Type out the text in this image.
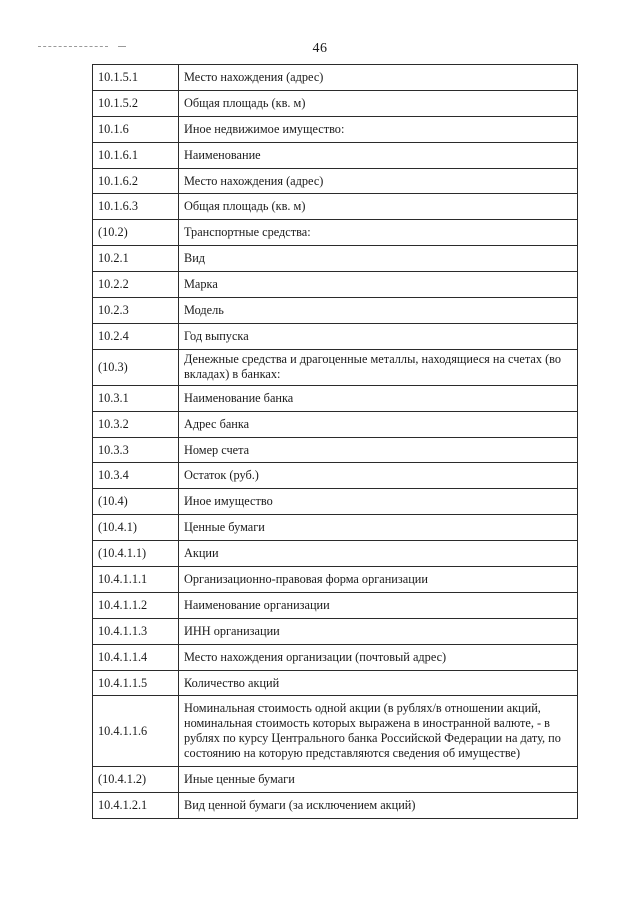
46
10.1.5.1	Место нахождения (адрес)
10.1.5.2	Общая площадь (кв. м)
10.1.6	Иное недвижимое имущество:
10.1.6.1	Наименование
10.1.6.2	Место нахождения (адрес)
10.1.6.3	Общая площадь (кв. м)
(10.2)	Транспортные средства:
10.2.1	Вид
10.2.2	Марка
10.2.3	Модель
10.2.4	Год выпуска
(10.3)	Денежные средства и драгоценные металлы, находящиеся на счетах (во вкладах) в банках:
10.3.1	Наименование банка
10.3.2	Адрес банка
10.3.3	Номер счета
10.3.4	Остаток (руб.)
(10.4)	Иное имущество
(10.4.1)	Ценные бумаги
(10.4.1.1)	Акции
10.4.1.1.1	Организационно-правовая форма организации
10.4.1.1.2	Наименование организации
10.4.1.1.3	ИНН организации
10.4.1.1.4	Место нахождения организации (почтовый адрес)
10.4.1.1.5	Количество акций
10.4.1.1.6	Номинальная стоимость одной акции (в рублях/в отношении акций, номинальная стоимость которых выражена в иностранной валюте, - в рублях по курсу Центрального банка Российской Федерации на дату, по состоянию на которую представляются сведения об имуществе)
(10.4.1.2)	Иные ценные бумаги
10.4.1.2.1	Вид ценной бумаги (за исключением акций)
